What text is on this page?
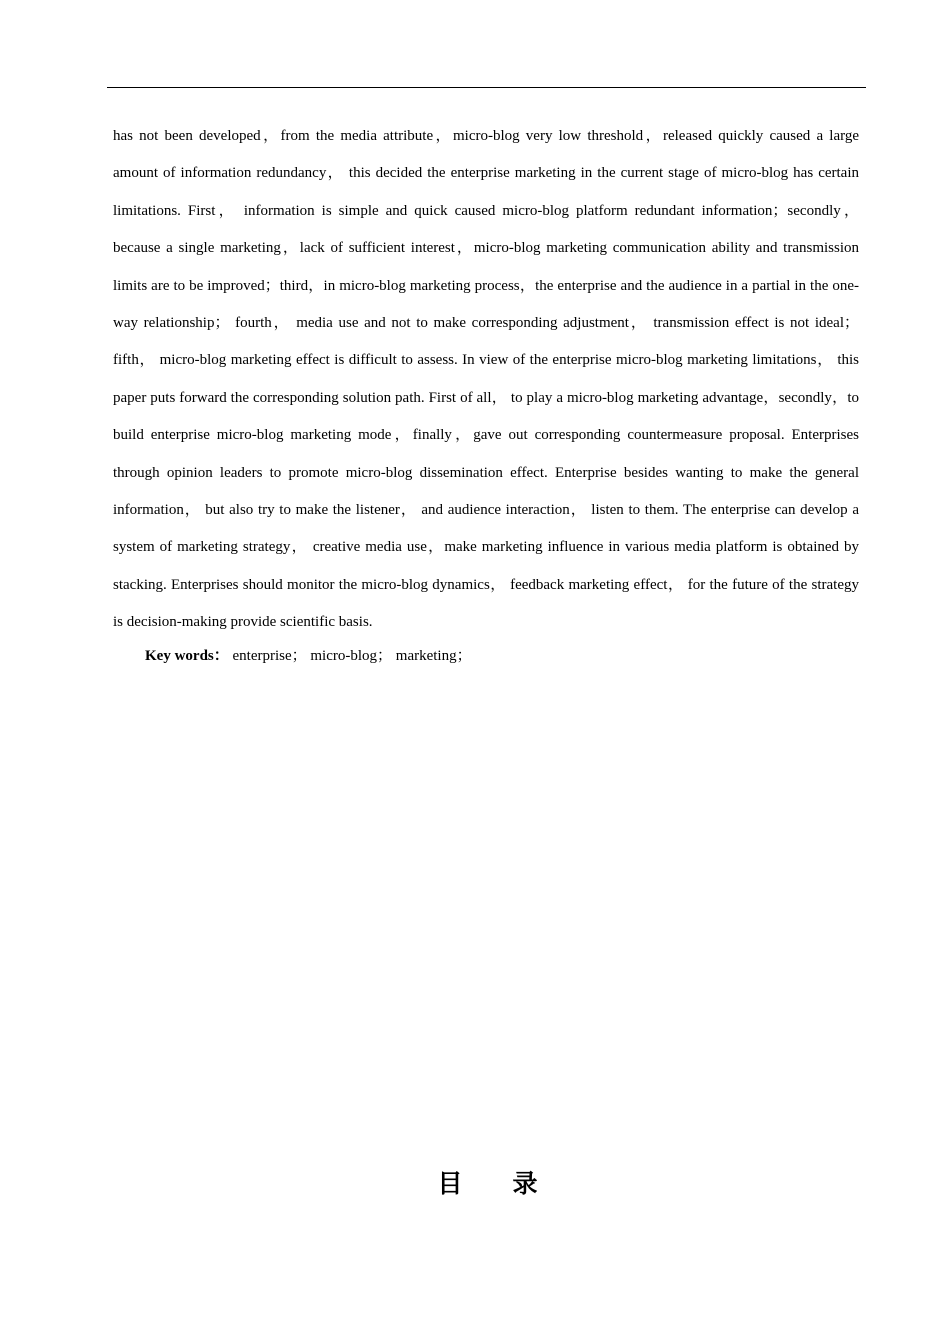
has not been developed，from the media attribute，micro-blog very low threshold，released quickly caused a large amount of information redundancy， this decided the enterprise marketing in the current stage of micro-blog has certain limitations. First， information is simple and quick caused micro-blog platform redundant information；secondly，because a single marketing，lack of sufficient interest，micro-blog marketing communication ability and transmission limits are to be improved；third，in micro-blog marketing process，the enterprise and the audience in a partial in the one-way relationship； fourth， media use and not to make corresponding adjustment， transmission effect is not ideal； fifth， micro-blog marketing effect is difficult to assess. In view of the enterprise micro-blog marketing limitations， this paper puts forward the corresponding solution path. First of all， to play a micro-blog marketing advantage，secondly，to build enterprise micro-blog marketing mode，finally，gave out corresponding countermeasure proposal. Enterprises through opinion leaders to promote micro-blog dissemination effect. Enterprise besides wanting to make the general information， but also try to make the listener， and audience interaction， listen to them. The enterprise can develop a system of marketing strategy， creative media use，make marketing influence in various media platform is obtained by stacking. Enterprises should monitor the micro-blog dynamics， feedback marketing effect， for the future of the strategy is decision-making provide scientific basis.

Key words： enterprise； micro-blog； marketing；

目　　录
